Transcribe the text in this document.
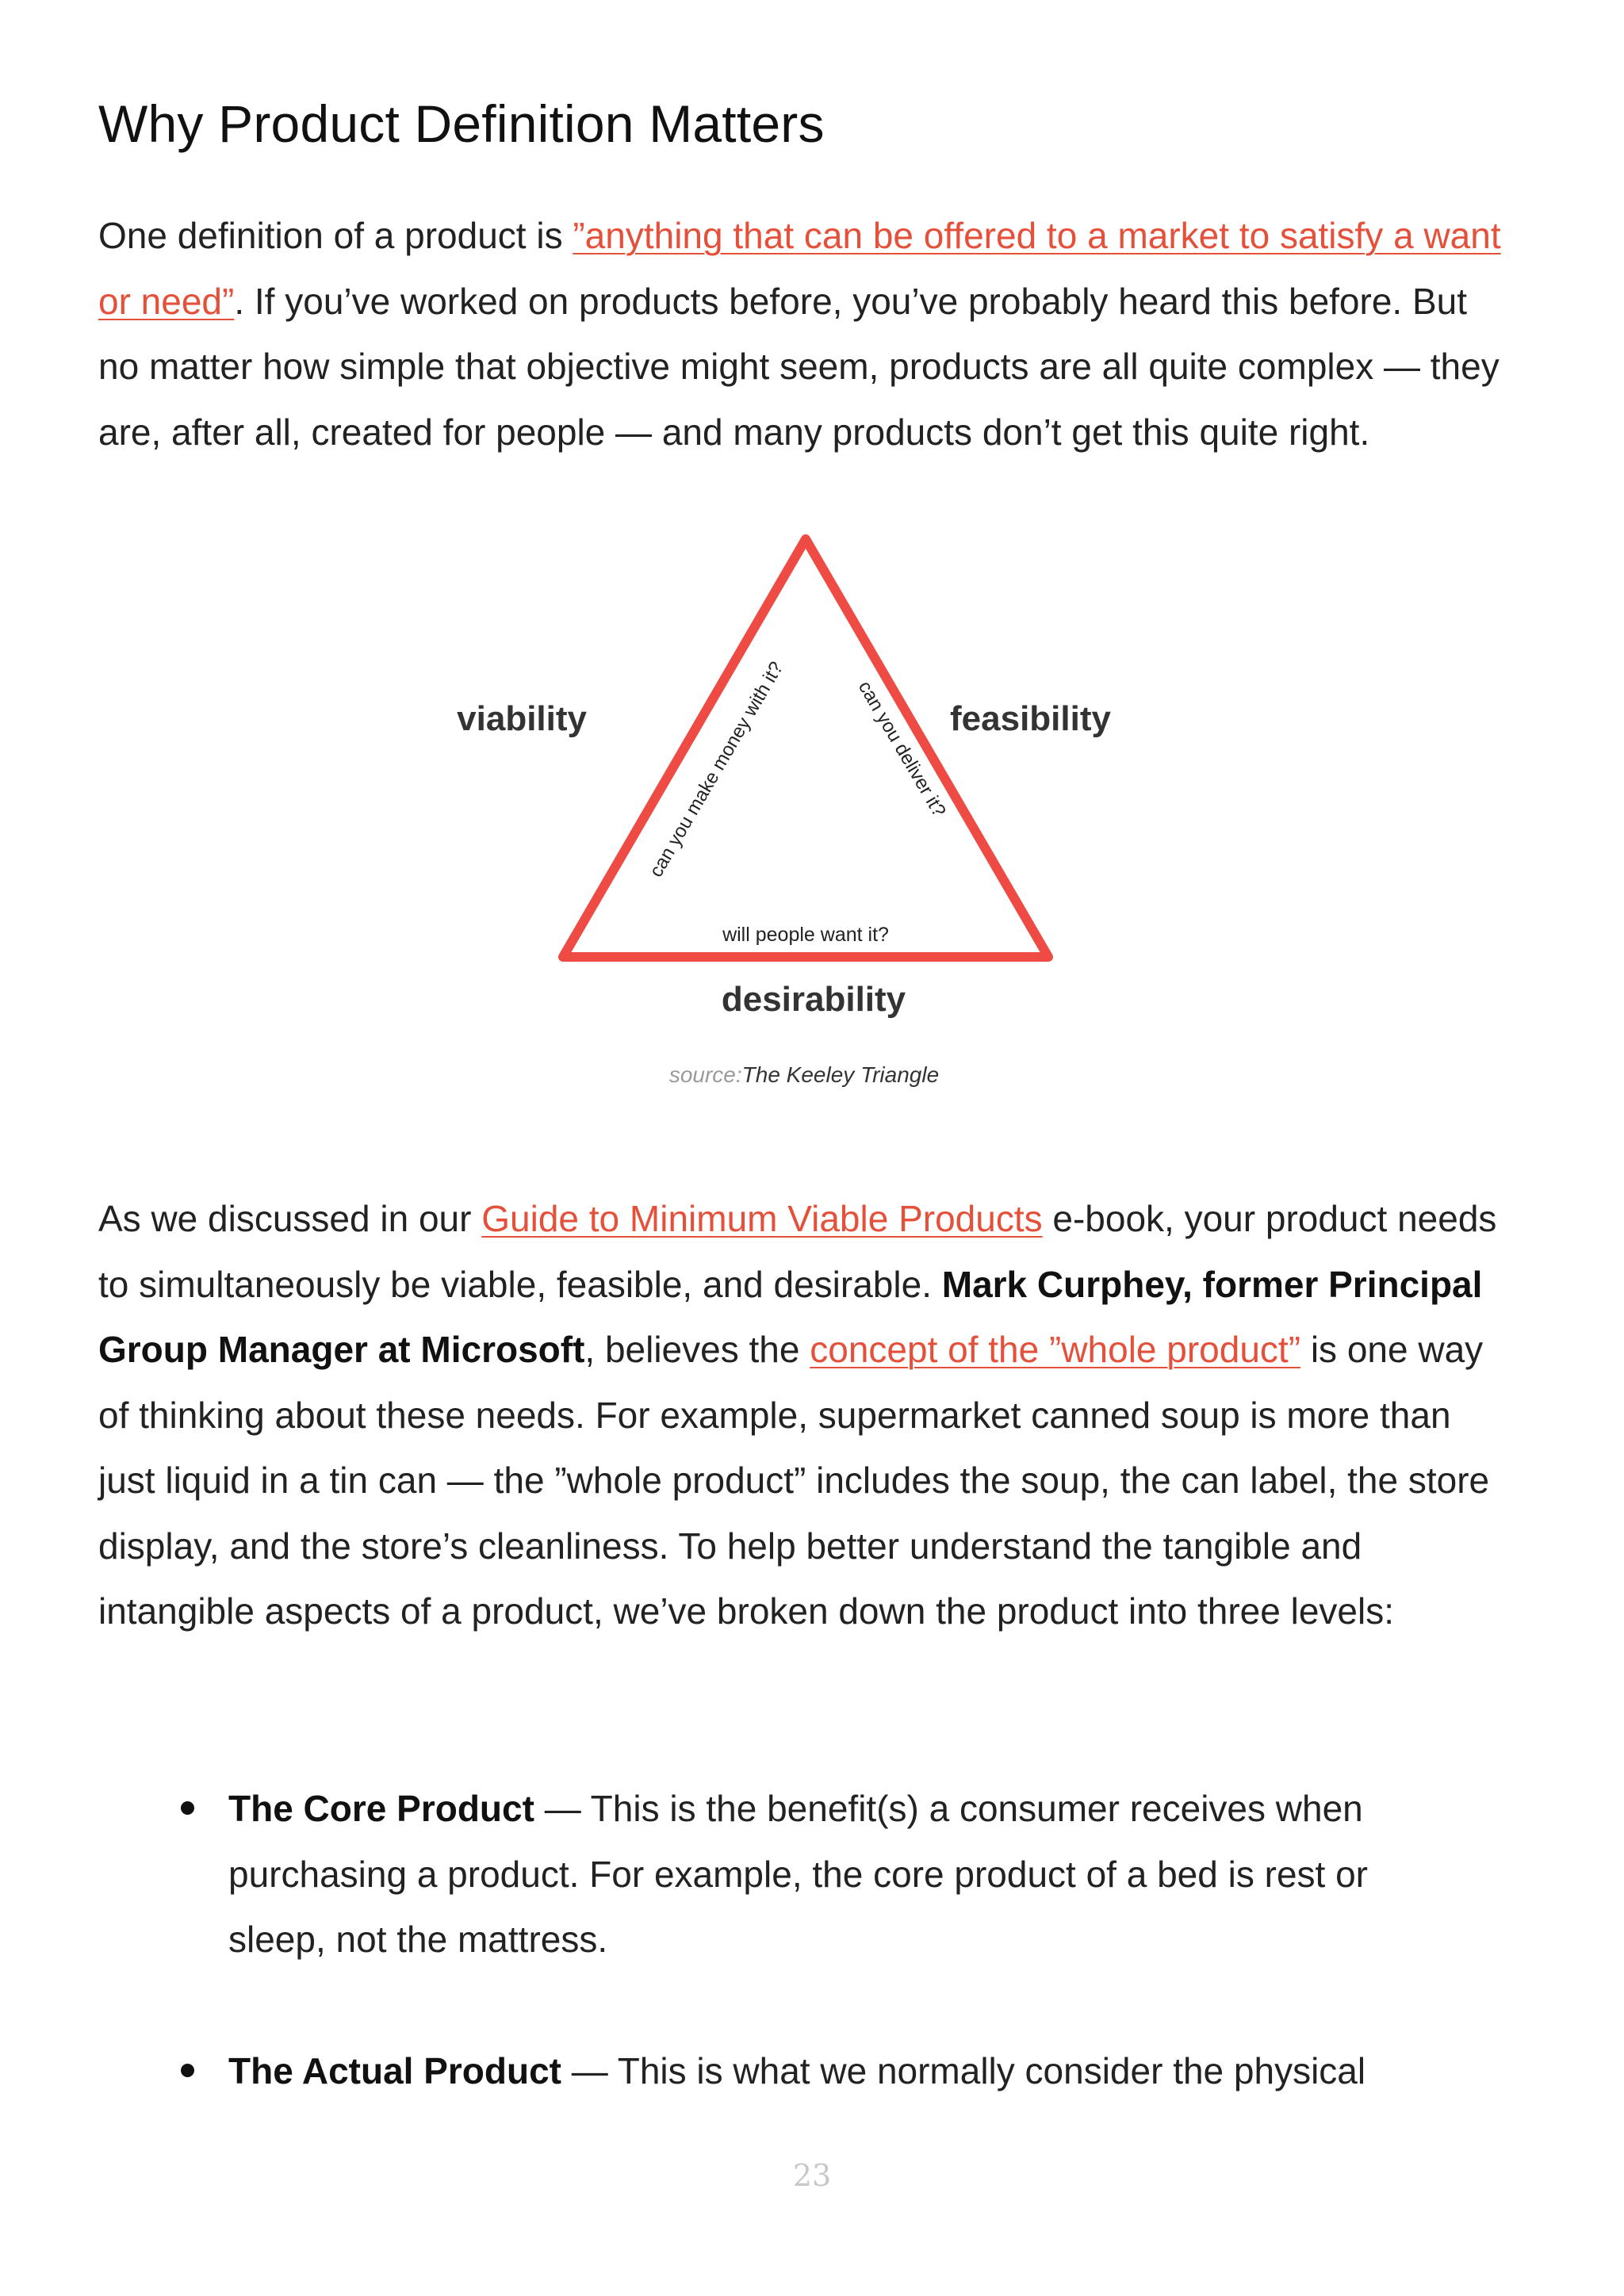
Why Product Definition Matters

One definition of a product is ”anything that can be offered to a market to satisfy a want or need”. If you’ve worked on products before, you’ve probably heard this before. But no matter how simple that objective might seem, products are all quite complex — they are, after all, created for people — and many products don’t get this quite right.

viability	feasibility
desirability
will people want it?
can you make money with it?
can you deliver it?
source:The Keeley Triangle

As we discussed in our Guide to Minimum Viable Products e-book, your product needs to simultaneously be viable, feasible, and desirable. Mark Curphey, former Principal Group Manager at Microsoft, believes the concept of the ”whole product” is one way of thinking about these needs. For example, supermarket canned soup is more than just liquid in a tin can — the ”whole product” includes the soup, the can label, the store display, and the store’s cleanliness. To help better understand the tangible and intangible aspects of a product, we’ve broken down the product into three levels:

The Core Product — This is the benefit(s) a consumer receives when purchasing a product. For example, the core product of a bed is rest or sleep, not the mattress.
The Actual Product — This is what we normally consider the physical
23
